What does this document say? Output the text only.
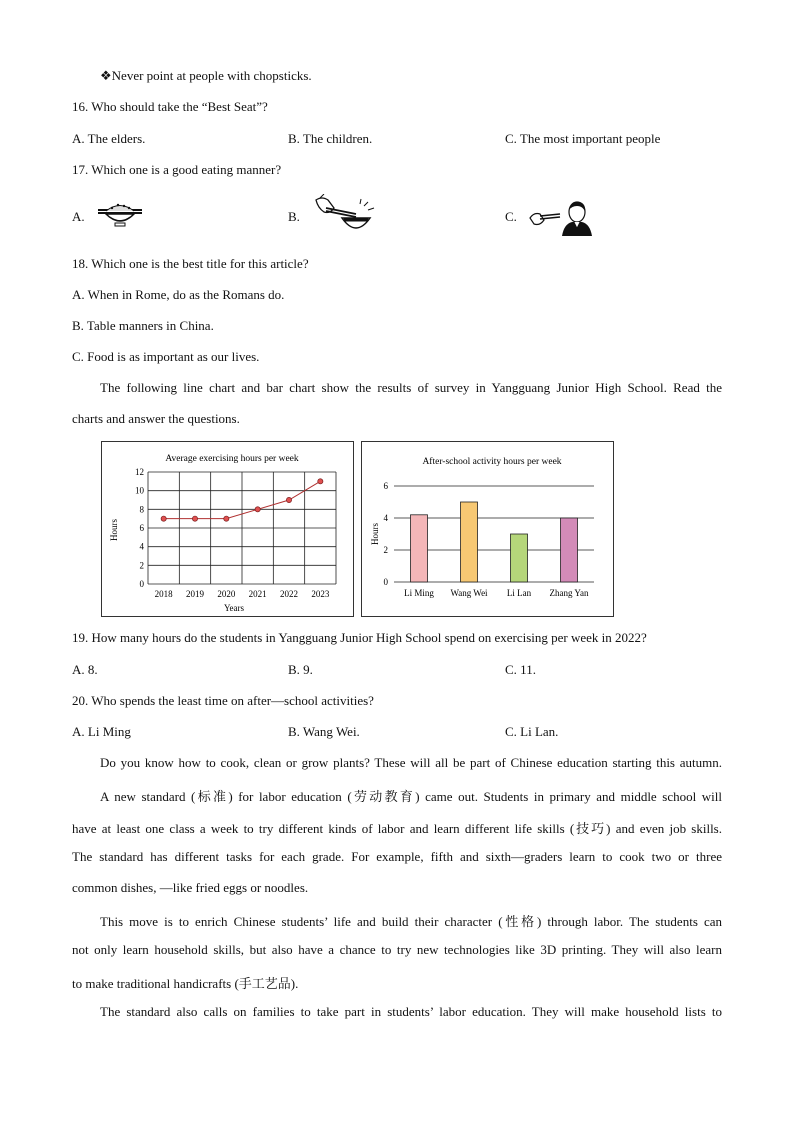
❖Never point at people with chopsticks.
16. Who should take the “Best Seat”?
A. The elders.	B. The children.	C. The most important people
17. Which one is a good eating manner?
A.	B.	C.
18. Which one is the best title for this article?
A. When in Rome, do as the Romans do.
B. Table manners in China.
C. Food is as important as our lives.
The following line chart and bar chart show the results of survey in Yangguang Junior High School. Read the
charts and answer the questions.
Average exercising hours per week
Hours
Years
0
2
4
6
8
10
12
2018 2019 2020 2021 2022 2023
After-school activity hours per week
Hours
0
2
4
6
Li Ming Wang Wei Li Lan Zhang Yan
19. How many hours do the students in Yangguang Junior High School spend on exercising per week in 2022?
A. 8.	B. 9.	C. 11.
20. Who spends the least time on after—school activities?
A. Li Ming	B. Wang Wei.	C. Li Lan.
Do you know how to cook, clean or grow plants? These will all be part of Chinese education starting this autumn.
A new standard (标准) for labor education (劳动教育) came out. Students in primary and middle school will
have at least one class a week to try different kinds of labor and learn different life skills (技巧) and even job skills.
The standard has different tasks for each grade. For example, fifth and sixth—graders learn to cook two or three
common dishes, —like fried eggs or noodles.
This move is to enrich Chinese students’ life and build their character (性格) through labor. The students can
not only learn household skills, but also have a chance to try new technologies like 3D printing. They will also learn
to make traditional handicrafts (手工艺品).
The standard also calls on families to take part in students’ labor education. They will make household lists to
